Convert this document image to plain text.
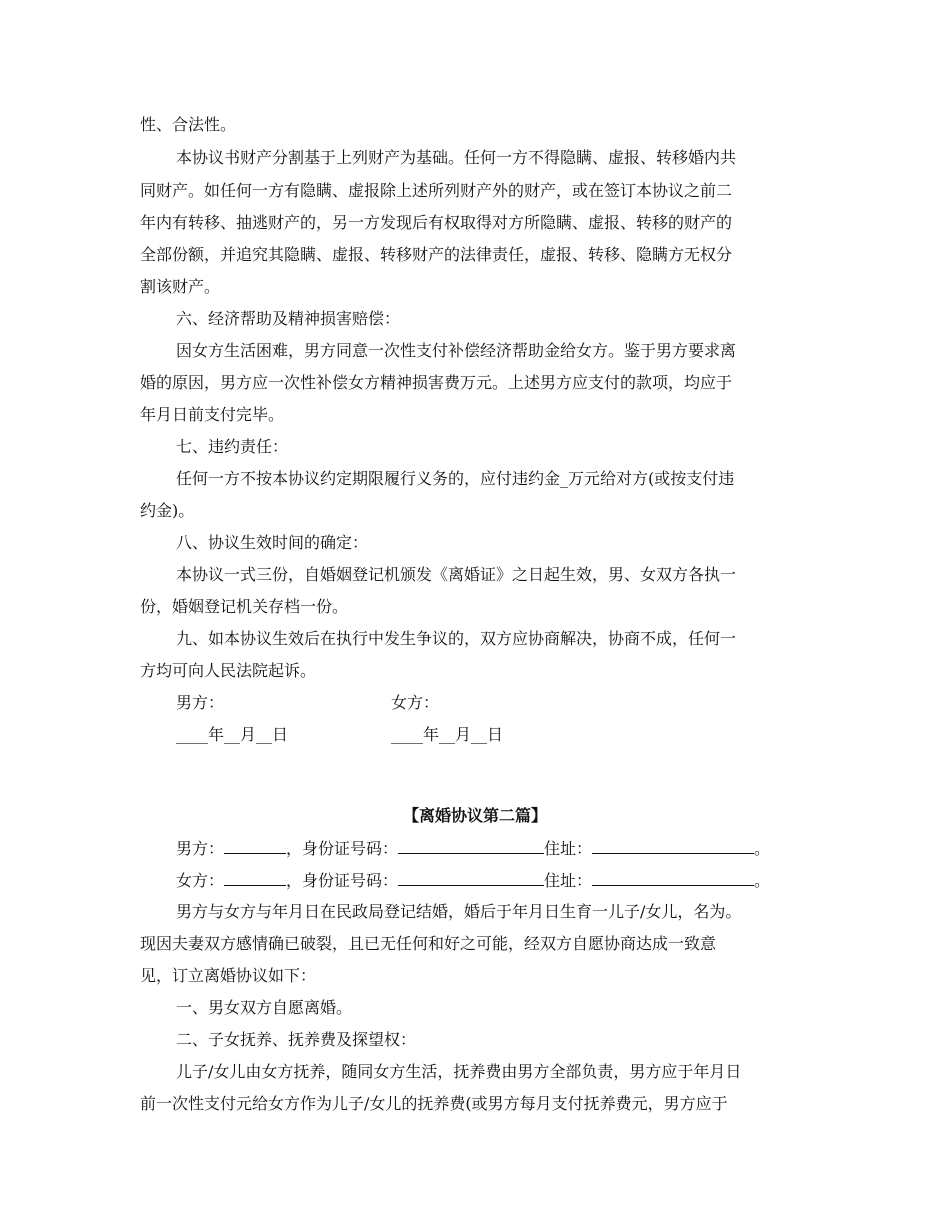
性、合法性。
本协议书财产分割基于上列财产为基础。任何一方不得隐瞒、虚报、转移婚内共
同财产。如任何一方有隐瞒、虚报除上述所列财产外的财产，或在签订本协议之前二
年内有转移、抽逃财产的，另一方发现后有权取得对方所隐瞒、虚报、转移的财产的
全部份额，并追究其隐瞒、虚报、转移财产的法律责任，虚报、转移、隐瞒方无权分
割该财产。
六、经济帮助及精神损害赔偿：
因女方生活困难，男方同意一次性支付补偿经济帮助金给女方。鉴于男方要求离
婚的原因，男方应一次性补偿女方精神损害费万元。上述男方应支付的款项，均应于
年月日前支付完毕。
七、违约责任：
任何一方不按本协议约定期限履行义务的，应付违约金_万元给对方(或按支付违
约金)。
八、协议生效时间的确定：
本协议一式三份，自婚姻登记机颁发《离婚证》之日起生效，男、女双方各执一
份，婚姻登记机关存档一份。
九、如本协议生效后在执行中发生争议的，双方应协商解决，协商不成，任何一
方均可向人民法院起诉。
男方：	女方：
____年__月__日	____年__月__日
【离婚协议第二篇】
男方：	，身份证号码：	住址：	。
女方：	，身份证号码：	住址：	。
男方与女方与年月日在民政局登记结婚，婚后于年月日生育一儿子/女儿，名为。
现因夫妻双方感情确已破裂，且已无任何和好之可能，经双方自愿协商达成一致意
见，订立离婚协议如下：
一、男女双方自愿离婚。
二、子女抚养、抚养费及探望权：
儿子/女儿由女方抚养，随同女方生活，抚养费由男方全部负责，男方应于年月日
前一次性支付元给女方作为儿子/女儿的抚养费(或男方每月支付抚养费元，男方应于
